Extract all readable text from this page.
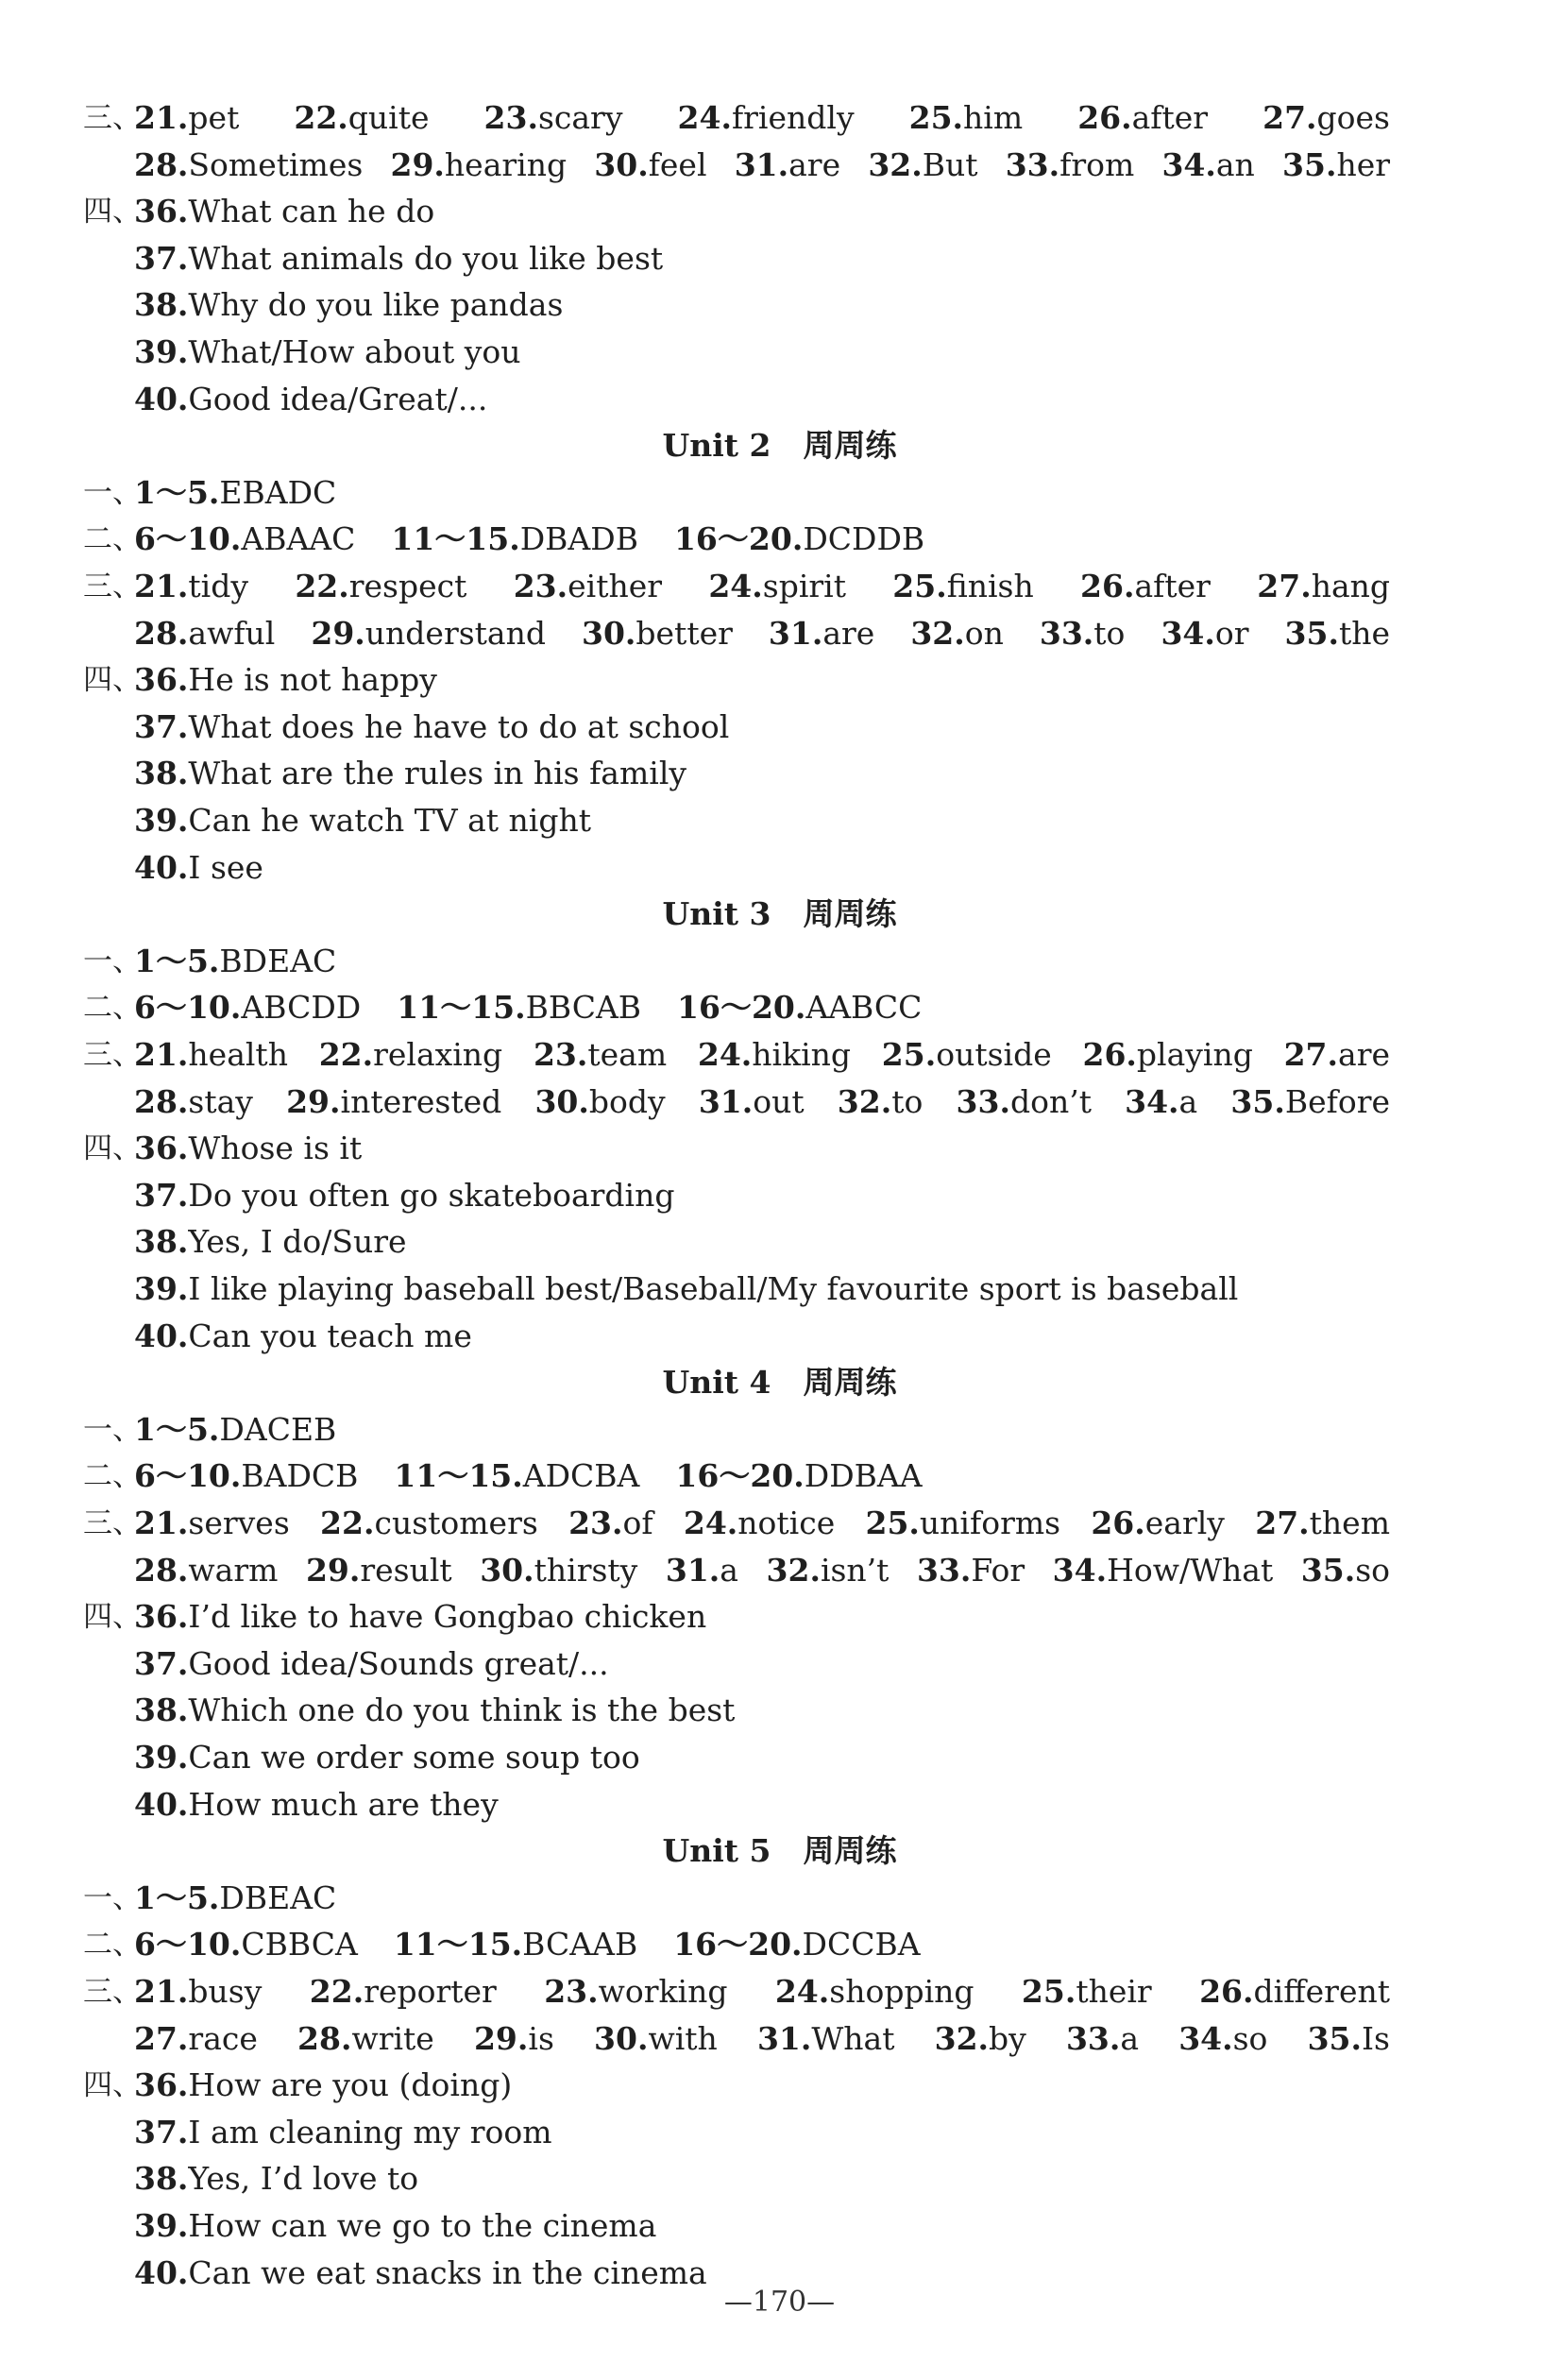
三、
21.pet 22.quite 23.scary 24.friendly 25.him 26.after 27.goes
28.Sometimes 29.hearing 30.feel 31.are 32.But 33.from 34.an 35.her
四、
36.What can he do
37.What animals do you like best
38.Why do you like pandas
39.What/How about you
40.Good idea/Great/...
Unit 2 周周练
一、
1～5.EBADC
二、
6～10.ABAAC 11～15.DBADB 16～20.DCDDB
三、
21.tidy 22.respect 23.either 24.spirit 25.finish 26.after 27.hang
28.awful 29.understand 30.better 31.are 32.on 33.to 34.or 35.the
四、
36.He is not happy
37.What does he have to do at school
38.What are the rules in his family
39.Can he watch TV at night
40.I see
Unit 3 周周练
一、
1～5.BDEAC
二、
6～10.ABCDD 11～15.BBCAB 16～20.AABCC
三、
21.health 22.relaxing 23.team 24.hiking 25.outside 26.playing 27.are
28.stay 29.interested 30.body 31.out 32.to 33.don’t 34.a 35.Before
四、
36.Whose is it
37.Do you often go skateboarding
38.Yes, I do/Sure
39.I like playing baseball best/Baseball/My favourite sport is baseball
40.Can you teach me
Unit 4 周周练
一、
1～5.DACEB
二、
6～10.BADCB 11～15.ADCBA 16～20.DDBAA
三、
21.serves 22.customers 23.of 24.notice 25.uniforms 26.early 27.them
28.warm 29.result 30.thirsty 31.a 32.isn’t 33.For 34.How/What 35.so
四、
36.I’d like to have Gongbao chicken
37.Good idea/Sounds great/...
38.Which one do you think is the best
39.Can we order some soup too
40.How much are they
Unit 5 周周练
一、
1～5.DBEAC
二、
6～10.CBBCA 11～15.BCAAB 16～20.DCCBA
三、
21.busy 22.reporter 23.working 24.shopping 25.their 26.different
27.race 28.write 29.is 30.with 31.What 32.by 33.a 34.so 35.Is
四、
36.How are you (doing)
37.I am cleaning my room
38.Yes, I’d love to
39.How can we go to the cinema
40.Can we eat snacks in the cinema
—170—
